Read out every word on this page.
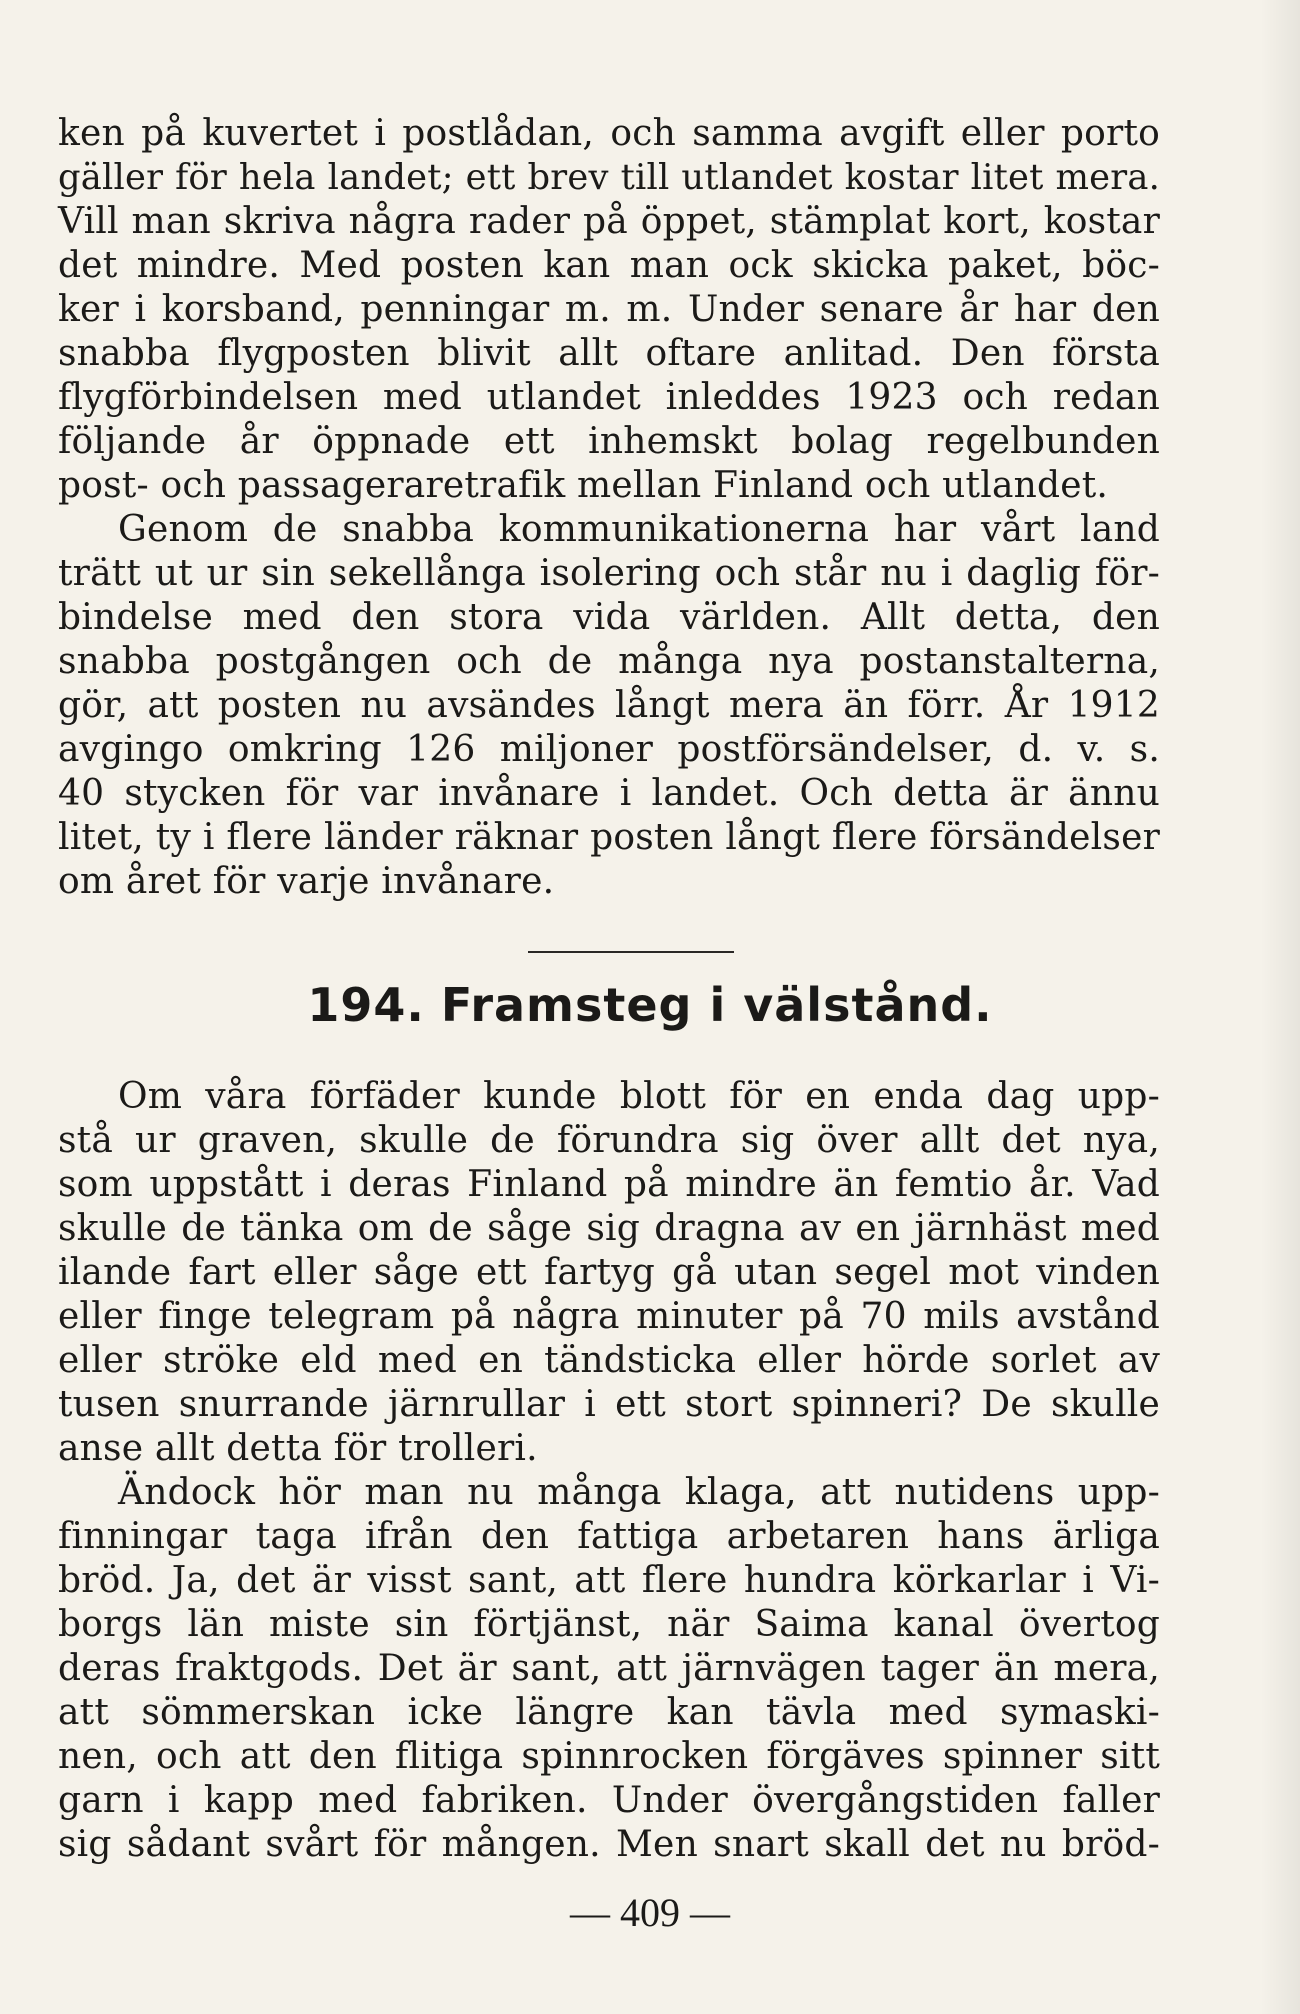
ken på kuvertet i postlådan, och samma avgift eller porto
gäller för hela landet; ett brev till utlandet kostar litet mera.
Vill man skriva några rader på öppet, stämplat kort, kostar
det mindre. Med posten kan man ock skicka paket, böc-
ker i korsband, penningar m. m. Under senare år har den
snabba flygposten blivit allt oftare anlitad. Den första
flygförbindelsen med utlandet inleddes 1923 och redan
följande år öppnade ett inhemskt bolag regelbunden
post- och passageraretrafik mellan Finland och utlandet.
Genom de snabba kommunikationerna har vårt land
trätt ut ur sin sekellånga isolering och står nu i daglig för-
bindelse med den stora vida världen. Allt detta, den
snabba postgången och de många nya postanstalterna,
gör, att posten nu avsändes långt mera än förr. År 1912
avgingo omkring 126 miljoner postförsändelser, d. v. s.
40 stycken för var invånare i landet. Och detta är ännu
litet, ty i flere länder räknar posten långt flere försändelser
om året för varje invånare.
194. Framsteg i välstånd.
Om våra förfäder kunde blott för en enda dag upp-
stå ur graven, skulle de förundra sig över allt det nya,
som uppstått i deras Finland på mindre än femtio år. Vad
skulle de tänka om de såge sig dragna av en järnhäst med
ilande fart eller såge ett fartyg gå utan segel mot vinden
eller finge telegram på några minuter på 70 mils avstånd
eller ströke eld med en tändsticka eller hörde sorlet av
tusen snurrande järnrullar i ett stort spinneri? De skulle
anse allt detta för trolleri.
Ändock hör man nu många klaga, att nutidens upp-
finningar taga ifrån den fattiga arbetaren hans ärliga
bröd. Ja, det är visst sant, att flere hundra körkarlar i Vi-
borgs län miste sin förtjänst, när Saima kanal övertog
deras fraktgods. Det är sant, att järnvägen tager än mera,
att sömmerskan icke längre kan tävla med symaski-
nen, och att den flitiga spinnrocken förgäves spinner sitt
garn i kapp med fabriken. Under övergångstiden faller
sig sådant svårt för mången. Men snart skall det nu bröd-
— 409 —
